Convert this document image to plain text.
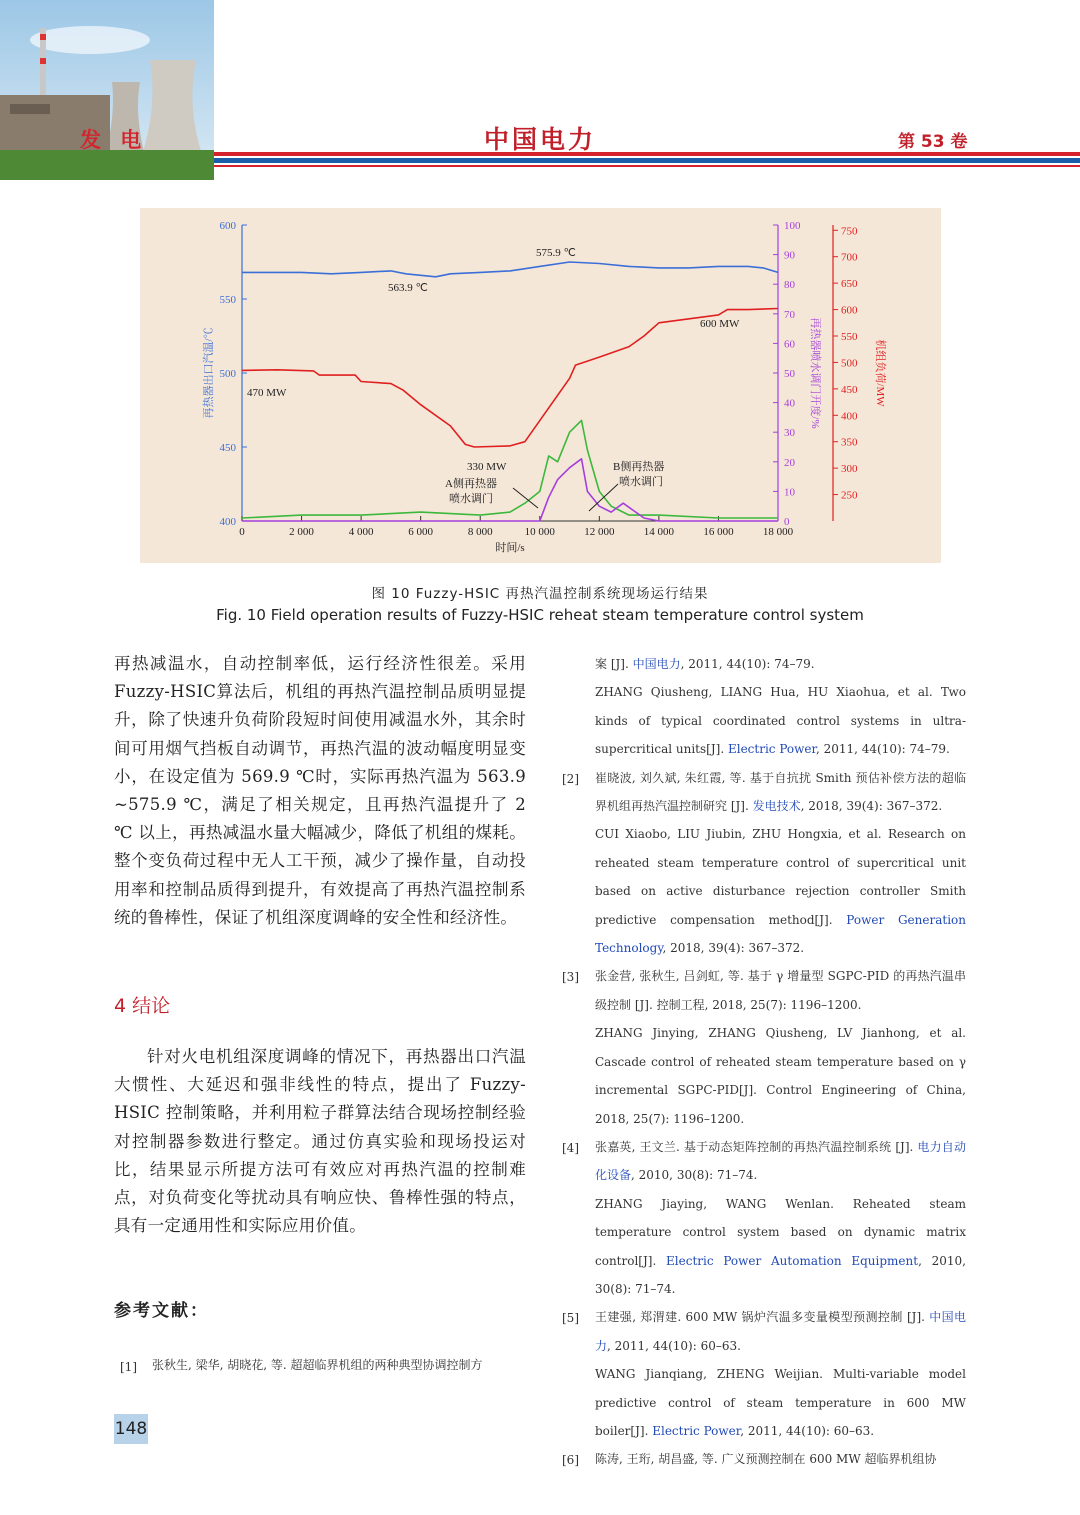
发 电	中国电力	第 53 卷
600
550
500
450
400
再热器出口汽温/℃
0	2 000	4 000	6 000	8 000	10 000	12 000	14 000	16 000	18 000
时间/s
100
90
80
70
60
50
40
30
20
10
0
再热器喷水调门开度/%
750
700
650
600
550
500
450
400
350
300
250
机组负荷/MW
575.9 ℃
563.9 ℃
600 MW
470 MW
330 MW
A侧再热器
喷水调门
B侧再热器
喷水调门
图 10 Fuzzy-HSIC 再热汽温控制系统现场运行结果
Fig. 10 Field operation results of Fuzzy-HSIC reheat steam temperature control system
再热减温水，自动控制率低，运行经济性很差。采用Fuzzy-HSIC算法后，机组的再热汽温控制品质明显提升，除了快速升负荷阶段短时间使用减温水外，其余时间可用烟气挡板自动调节，再热汽温的波动幅度明显变小，在设定值为 569.9 ℃时，实际再热汽温为 563.9 ~575.9 ℃，满足了相关规定，且再热汽温提升了 2 ℃ 以上，再热减温水量大幅减少，降低了机组的煤耗。整个变负荷过程中无人工干预，减少了操作量，自动投用率和控制品质得到提升，有效提高了再热汽温控制系统的鲁棒性，保证了机组深度调峰的安全性和经济性。
4 结论
针对火电机组深度调峰的情况下，再热器出口汽温大惯性、大延迟和强非线性的特点，提出了 Fuzzy-HSIC 控制策略，并利用粒子群算法结合现场控制经验对控制器参数进行整定。通过仿真实验和现场投运对比，结果显示所提方法可有效应对再热汽温的控制难点，对负荷变化等扰动具有响应快、鲁棒性强的特点，具有一定通用性和实际应用价值。
参考文献：
[1] 张秋生, 梁华, 胡晓花, 等. 超超临界机组的两种典型协调控制方
案 [J]. 中国电力, 2011, 44(10): 74–79.
ZHANG Qiusheng, LIANG Hua, HU Xiaohua, et al. Two kinds of typical coordinated control systems in ultra-supercritical units[J]. Electric Power, 2011, 44(10): 74–79.
[2] 崔晓波, 刘久斌, 朱红霞, 等. 基于自抗扰 Smith 预估补偿方法的超临界机组再热汽温控制研究 [J]. 发电技术, 2018, 39(4): 367–372.
CUI Xiaobo, LIU Jiubin, ZHU Hongxia, et al. Research on reheated steam temperature control of supercritical unit based on active disturbance rejection controller Smith predictive compensation method[J]. Power Generation Technology, 2018, 39(4): 367–372.
[3] 张金营, 张秋生, 吕剑虹, 等. 基于 γ 增量型 SGPC-PID 的再热汽温串级控制 [J]. 控制工程, 2018, 25(7): 1196–1200.
ZHANG Jinying, ZHANG Qiusheng, LV Jianhong, et al. Cascade control of reheated steam temperature based on γ incremental SGPC-PID[J]. Control Engineering of China, 2018, 25(7): 1196–1200.
[4] 张嘉英, 王文兰. 基于动态矩阵控制的再热汽温控制系统 [J]. 电力自动化设备, 2010, 30(8): 71–74.
ZHANG Jiaying, WANG Wenlan. Reheated steam temperature control system based on dynamic matrix control[J]. Electric Power Automation Equipment, 2010, 30(8): 71–74.
[5] 王建强, 郑渭建. 600 MW 锅炉汽温多变量模型预测控制 [J]. 中国电力, 2011, 44(10): 60–63.
WANG Jianqiang, ZHENG Weijian. Multi-variable model predictive control of steam temperature in 600 MW boiler[J]. Electric Power, 2011, 44(10): 60–63.
[6] 陈涛, 王珩, 胡昌盛, 等. 广义预测控制在 600 MW 超临界机组协
148
